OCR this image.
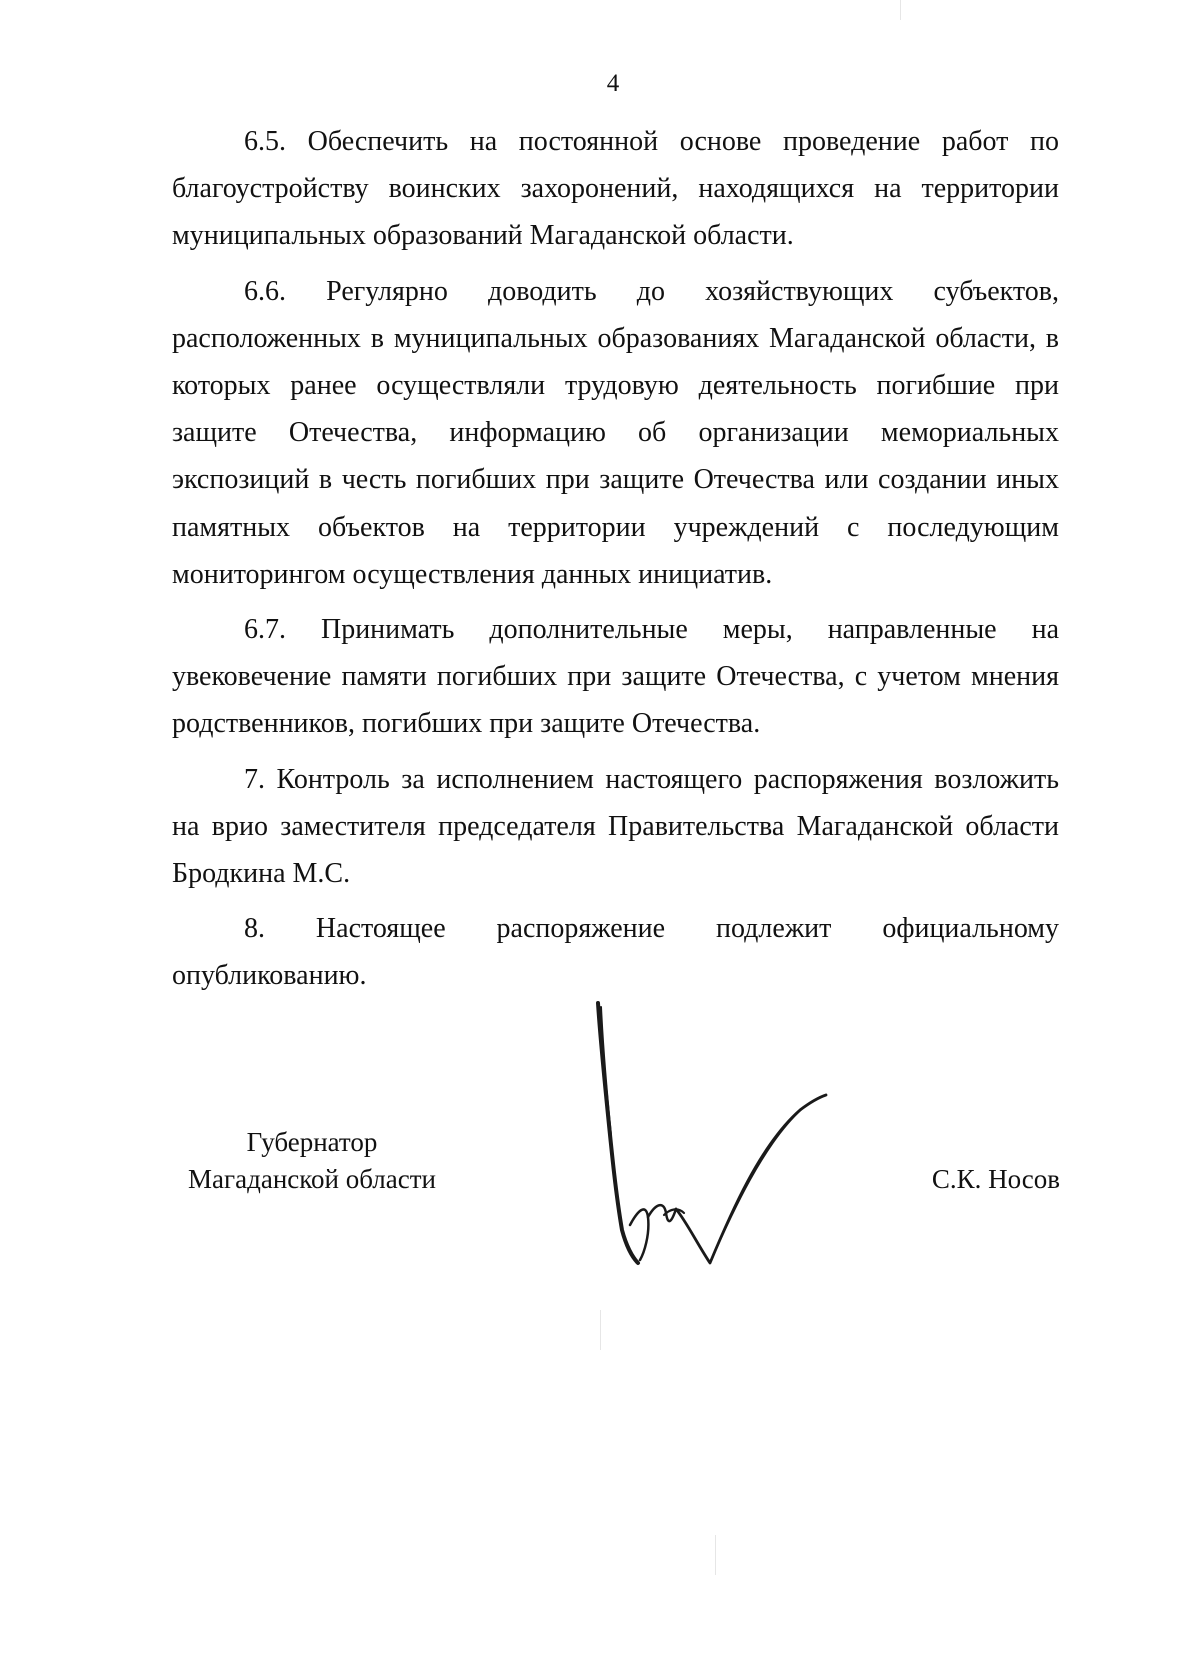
4

6.5. Обеспечить на постоянной основе проведение работ по благоустройству воинских захоронений, находящихся на территории муниципальных образований Магаданской области.

6.6. Регулярно доводить до хозяйствующих субъектов, расположенных в муниципальных образованиях Магаданской области, в которых ранее осуществляли трудовую деятельность погибшие при защите Отечества, информацию об организации мемориальных экспозиций в честь погибших при защите Отечества или создании иных памятных объектов на территории учреждений с последующим мониторингом осуществления данных инициатив.

6.7. Принимать дополнительные меры, направленные на увековечение памяти погибших при защите Отечества, с учетом мнения родственников, погибших при защите Отечества.

7. Контроль за исполнением настоящего распоряжения возложить на врио заместителя председателя Правительства Магаданской области Бродкина М.С.

8. Настоящее распоряжение подлежит официальному опубликованию.

Губернатор
Магаданской области	С.К. Носов
